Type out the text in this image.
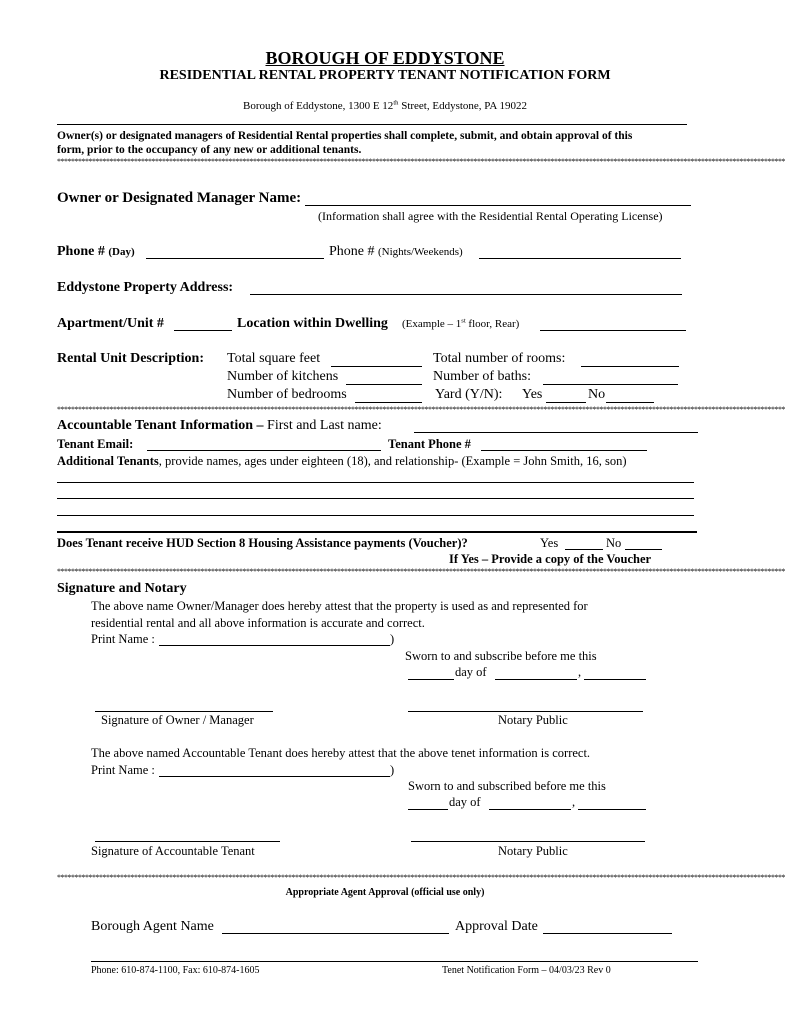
BOROUGH OF EDDYSTONE
RESIDENTIAL RENTAL PROPERTY TENANT NOTIFICATION FORM
Borough of Eddystone, 1300 E 12th Street, Eddystone, PA 19022
Owner(s) or designated managers of Residential Rental properties shall complete, submit, and obtain approval of this
form, prior to the occupancy of any new or additional tenants.
****************************************************************************************************************************************************************************************************************
Owner or Designated Manager Name:
(Information shall agree with the Residential Rental Operating License)
Phone # (Day)	Phone # (Nights/Weekends)
Eddystone Property Address:
Apartment/Unit #	Location within Dwelling (Example – 1st floor, Rear)
Rental Unit Description: Total square feet	Total number of rooms:
Number of kitchens	Number of baths:
Number of bedrooms	Yard (Y/N): Yes	No
****************************************************************************************************************************************************************************************************************
Accountable Tenant Information – First and Last name:
Tenant Email:	Tenant Phone #
Additional Tenants, provide names, ages under eighteen (18), and relationship- (Example = John Smith, 16, son)
Does Tenant receive HUD Section 8 Housing Assistance payments (Voucher)?	Yes	No
If Yes – Provide a copy of the Voucher
****************************************************************************************************************************************************************************************************************
Signature and Notary
The above name Owner/Manager does hereby attest that the property is used as and represented for
residential rental and all above information is accurate and correct.
Print Name :	)
Sworn to and subscribe before me this
day of	,
Signature of Owner / Manager	Notary Public
The above named Accountable Tenant does hereby attest that the above tenet information is correct.
Print Name :	)
Sworn to and subscribed before me this
day of	,
Signature of Accountable Tenant	Notary Public
****************************************************************************************************************************************************************************************************************
Appropriate Agent Approval (official use only)
Borough Agent Name	Approval Date
Phone: 610-874-1100, Fax: 610-874-1605	Tenet Notification Form – 04/03/23 Rev 0
